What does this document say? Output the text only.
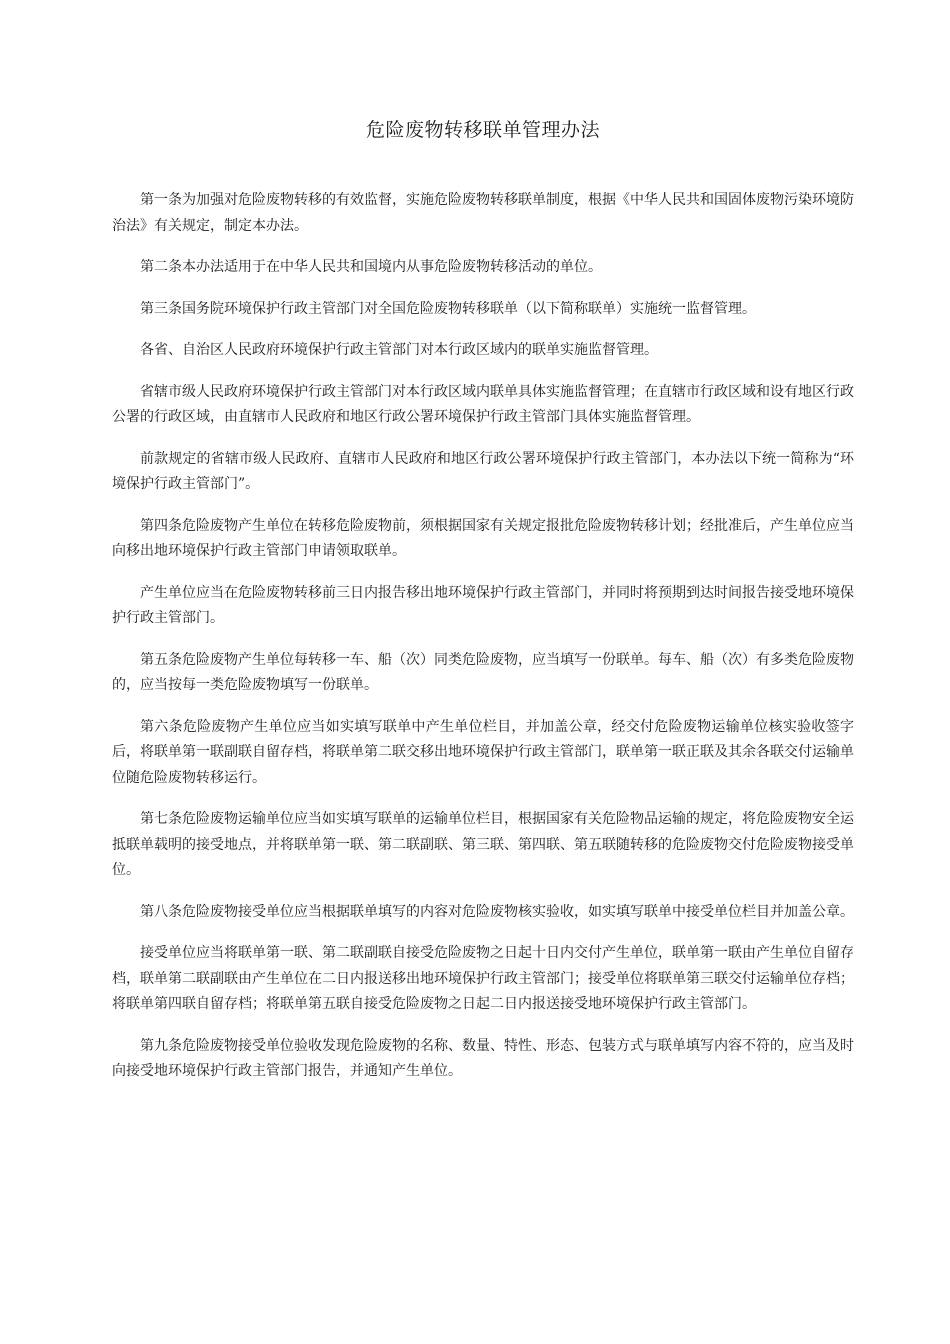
危险废物转移联单管理办法

第一条为加强对危险废物转移的有效监督，实施危险废物转移联单制度，根据《中华人民共和国固体废物污染环境防治法》有关规定，制定本办法。

第二条本办法适用于在中华人民共和国境内从事危险废物转移活动的单位。

第三条国务院环境保护行政主管部门对全国危险废物转移联单（以下简称联单）实施统一监督管理。

各省、自治区人民政府环境保护行政主管部门对本行政区域内的联单实施监督管理。

省辖市级人民政府环境保护行政主管部门对本行政区域内联单具体实施监督管理；在直辖市行政区域和设有地区行政公署的行政区域，由直辖市人民政府和地区行政公署环境保护行政主管部门具体实施监督管理。

前款规定的省辖市级人民政府、直辖市人民政府和地区行政公署环境保护行政主管部门，本办法以下统一简称为“环境保护行政主管部门”。

第四条危险废物产生单位在转移危险废物前，须根据国家有关规定报批危险废物转移计划；经批准后，产生单位应当向移出地环境保护行政主管部门申请领取联单。

产生单位应当在危险废物转移前三日内报告移出地环境保护行政主管部门，并同时将预期到达时间报告接受地环境保护行政主管部门。

第五条危险废物产生单位每转移一车、船（次）同类危险废物，应当填写一份联单。每车、船（次）有多类危险废物的，应当按每一类危险废物填写一份联单。

第六条危险废物产生单位应当如实填写联单中产生单位栏目，并加盖公章，经交付危险废物运输单位核实验收签字后，将联单第一联副联自留存档，将联单第二联交移出地环境保护行政主管部门，联单第一联正联及其余各联交付运输单位随危险废物转移运行。

第七条危险废物运输单位应当如实填写联单的运输单位栏目，根据国家有关危险物品运输的规定，将危险废物安全运抵联单载明的接受地点，并将联单第一联、第二联副联、第三联、第四联、第五联随转移的危险废物交付危险废物接受单位。

第八条危险废物接受单位应当根据联单填写的内容对危险废物核实验收，如实填写联单中接受单位栏目并加盖公章。

接受单位应当将联单第一联、第二联副联自接受危险废物之日起十日内交付产生单位，联单第一联由产生单位自留存档，联单第二联副联由产生单位在二日内报送移出地环境保护行政主管部门；接受单位将联单第三联交付运输单位存档；将联单第四联自留存档；将联单第五联自接受危险废物之日起二日内报送接受地环境保护行政主管部门。

第九条危险废物接受单位验收发现危险废物的名称、数量、特性、形态、包装方式与联单填写内容不符的，应当及时向接受地环境保护行政主管部门报告，并通知产生单位。
